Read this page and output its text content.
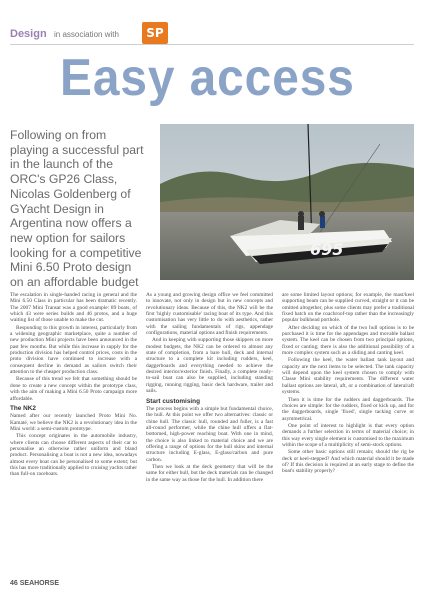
Design in association with	SP
Easy access
Following on from playing a successful part in the launch of the ORC's GP26 Class, Nicolas Goldenberg of GYacht Design in Argentina now offers a new option for sailors looking for a competitive Mini 6.50 Proto design on an affordable budget
695

The escalation in single-handed racing in general and the Mini 6.50 Class in particular has been dramatic recently. The 2007 Mini Transat was a good example: 89 boats, of which 43 were series builds and 46 protos, and a huge waiting list of those unable to make the cut.

Responding to this growth in interest, particularly from a widening geographic marketplace, quite a number of new production Mini projects have been announced in the past few months. But while this increase in supply for the production division has helped control prices, costs in the proto division have continued to increase with a consequent decline in demand as sailors switch their attention to the cheaper production class.

Because of this trend we felt that something should be done to create a new concept within the prototype class, with the aim of making a Mini 6.50 Proto campaign more affordable.

The NK2

Named after our recently launched Proto Mini No. Kamaté, we believe the NK2 is a revolutionary idea in the Mini world: a semi-custom prototype.

This concept originates in the automobile industry, where clients can choose different aspects of their car to personalise an otherwise rather uniform and bland product. Personalising a boat is not a new idea, nowadays almost every boat can be personalised to some extent; but this has more traditionally applied to cruising yachts rather than full-on raceboats.

As a young and growing design office we feel committed to innovate, not only in design but in new concepts and revolutionary ideas. Because of this, the NK2 will be the first 'highly customisable' racing boat of its type. And this customisation has very little to do with aesthetics, rather with the sailing fundamentals of rigs, appendage configurations, material options and finish requirements.

And in keeping with supporting those skippers on more modest budgets, the NK2 can be ordered to almost any state of completion, from a bare hull, deck and internal structure to a complete kit including rudders, keel, daggerboards and everything needed to achieve the desired interior/exterior finish. Finally, a complete ready-to-sail boat can also be supplied, including standing rigging, running rigging, basic deck hardware, trailer and sails.

Start customising

The process begins with a simple but fundamental choice, the hull. At this point we offer two alternatives: classic or chine hull. The classic hull, rounded and fuller, is a fast all-round performer, while the chine hull offers a flat-bottomed, high-power reaching boat. With one in mind, the choice is also linked to material choice and we are offering a range of options for the hull skins and internal structure including E-glass, E-glass/carbon and pure carbon.

Then we look at the deck geometry that will be the same for either hull, but the deck materials can be changed in the same way as those for the hull. In addition there

are some limited layout options; for example, the mast/keel supporting beam can be supplied curved, straight or it can be omitted altogether, plus some clients may prefer a traditional fixed hatch on the coachroof-top rather than the increasingly popular bulkhead porthole.

After deciding on which of the two hull options is to be purchased it is time for the appendages and movable ballast system. The keel can be chosen from two principal options, fixed or canting; there is also the additional possibility of a more complex system such as a sliding and canting keel.

Following the keel, the water ballast tank layout and capacity are the next items to be selected. The tank capacity will depend upon the keel system chosen to comply with Classe Mini stability requirements. The different water ballast options are lateral, aft, or a combination of lateral/aft systems.

Then it is time for the rudders and daggerboards. The choices are simple: for the rudders, fixed or kick up, and for the daggerboards, single 'fixed', single tacking curve or asymmetrical.

One point of interest to highlight is that every option demands a further selection in terms of material choice; in this way every single element is customised to the maximum within the scope of a multiplicity of semi-stock options.

Some other basic options still remain; should the rig be deck or keel-stepped? And which material should it be made of? If this decision is required at an early stage to define the boat's stability properly?

46 SEAHORSE
